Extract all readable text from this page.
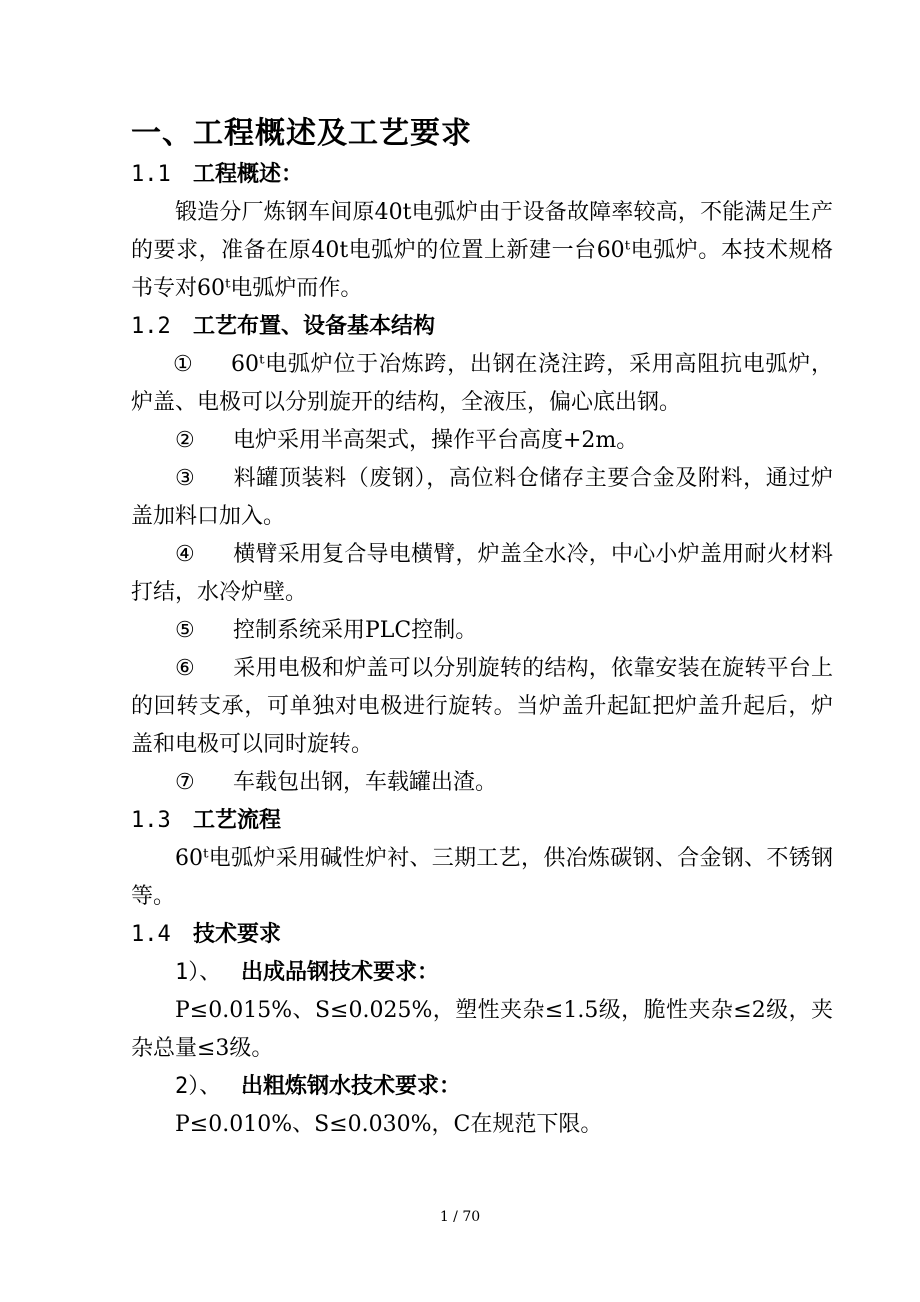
一、工程概述及工艺要求
1.1 工程概述：
锻造分厂炼钢车间原40t电弧炉由于设备故障率较高，不能满足生产的要求，准备在原40t电弧炉的位置上新建一台60ᵗ电弧炉。本技术规格书专对60ᵗ电弧炉而作。
1.2 工艺布置、设备基本结构
① 60ᵗ电弧炉位于冶炼跨，出钢在浇注跨，采用高阻抗电弧炉，炉盖、电极可以分别旋开的结构，全液压，偏心底出钢。
② 电炉采用半高架式，操作平台高度+2m。
③ 料罐顶装料（废钢），高位料仓储存主要合金及附料，通过炉盖加料口加入。
④ 横臂采用复合导电横臂，炉盖全水冷，中心小炉盖用耐火材料打结，水冷炉壁。
⑤ 控制系统采用PLC控制。
⑥ 采用电极和炉盖可以分别旋转的结构，依靠安装在旋转平台上的回转支承，可单独对电极进行旋转。当炉盖升起缸把炉盖升起后，炉盖和电极可以同时旋转。
⑦ 车载包出钢，车载罐出渣。
1.3 工艺流程
60ᵗ电弧炉采用碱性炉衬、三期工艺，供冶炼碳钢、合金钢、不锈钢等。
1.4 技术要求
1）、 出成品钢技术要求：
P≤0.015%、S≤0.025%，塑性夹杂≤1.5级，脆性夹杂≤2级，夹杂总量≤3级。
2）、 出粗炼钢水技术要求：
P≤0.010%、S≤0.030%，C在规范下限。
1 / 70
